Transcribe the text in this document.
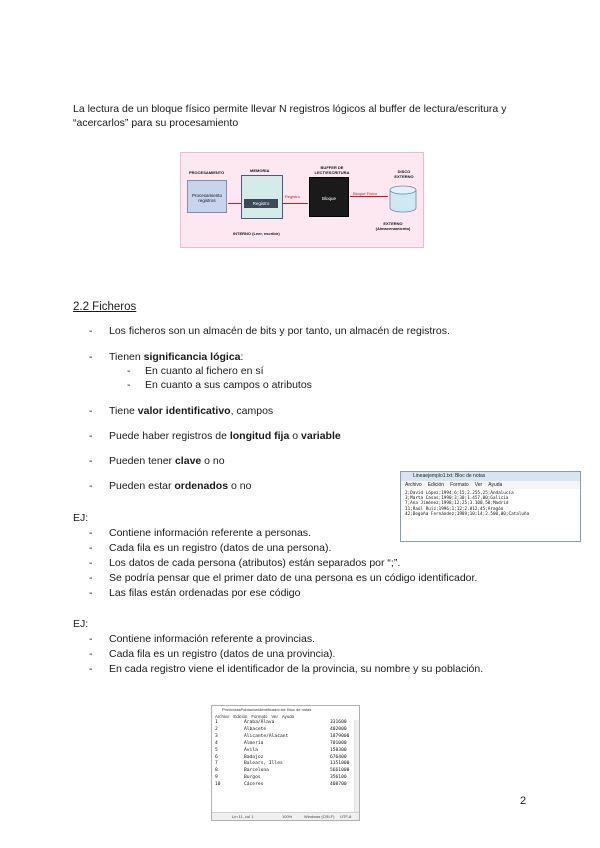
La lectura de un bloque físico permite llevar N registros lógicos al buffer de lectura/escritura y “acercarlos” para su procesamiento
PROCESAMIENTO
Procesamiento registros
MEMORIA
Registro
Registro
BUFFER DE LECT/ESCRITURA
Bloque
Bloque Físico
DISCO EXTERNO
EXTERNO (Almacenamiento)
INTERNO (Leer, escribir)
2.2 Ficheros
- Los ficheros son un almacén de bits y por tanto, un almacén de registros.
- Tienen significancia lógica:
- En cuanto al fichero en sí
- En cuanto a sus campos o atributos
- Tiene valor identificativo, campos
- Puede haber registros de longitud fija o variable
- Pueden tener clave o no
- Pueden estar ordenados o no
Lineaejemplo1.txt: Bloc de notas
Archivo Edición Formato Ver Ayuda
2;David López;1994;6;15;2.255,25;Andalucía
3;Marta Casas;1990;3;30;1.457,00;Galicia
7;Ana Jiménez;1998;12;25;3.100,50;Madrid
11;Raúl Ruiz;1996;1;12;2.812,45;Aragón
42;Begoña Fernández;1989;10;14;2.500,00;Cataluña
EJ:
- Contiene información referente a personas.
- Cada fila es un registro (datos de una persona).
- Los datos de cada persona (atributos) están separados por “;”.
- Se podría pensar que el primer dato de una persona es un código identificador.
- Las filas están ordenadas por ese código
EJ:
- Contiene información referente a provincias.
- Cada fila es un registro (datos de una provincia).
- En cada registro viene el identificador de la provincia, su nombre y su población.
ProvinciasPoblacionIdentificador.txt: Bloc de notas
Archivo Edición Formato Ver Ayuda
1	Araba/Álava	331600
2	Albacete	402000
3	Alicante/Alacant	1879000
4	Almería	701000
5	Ávila	158300
6	Badajoz	676400
7	Balears, Illes	1151000
8	Barcelona	5661000
9	Burgos	356100
10	Cáceres	408700
Lín 11, col 1	100%	Windows (CRLF) UTF-8
2
